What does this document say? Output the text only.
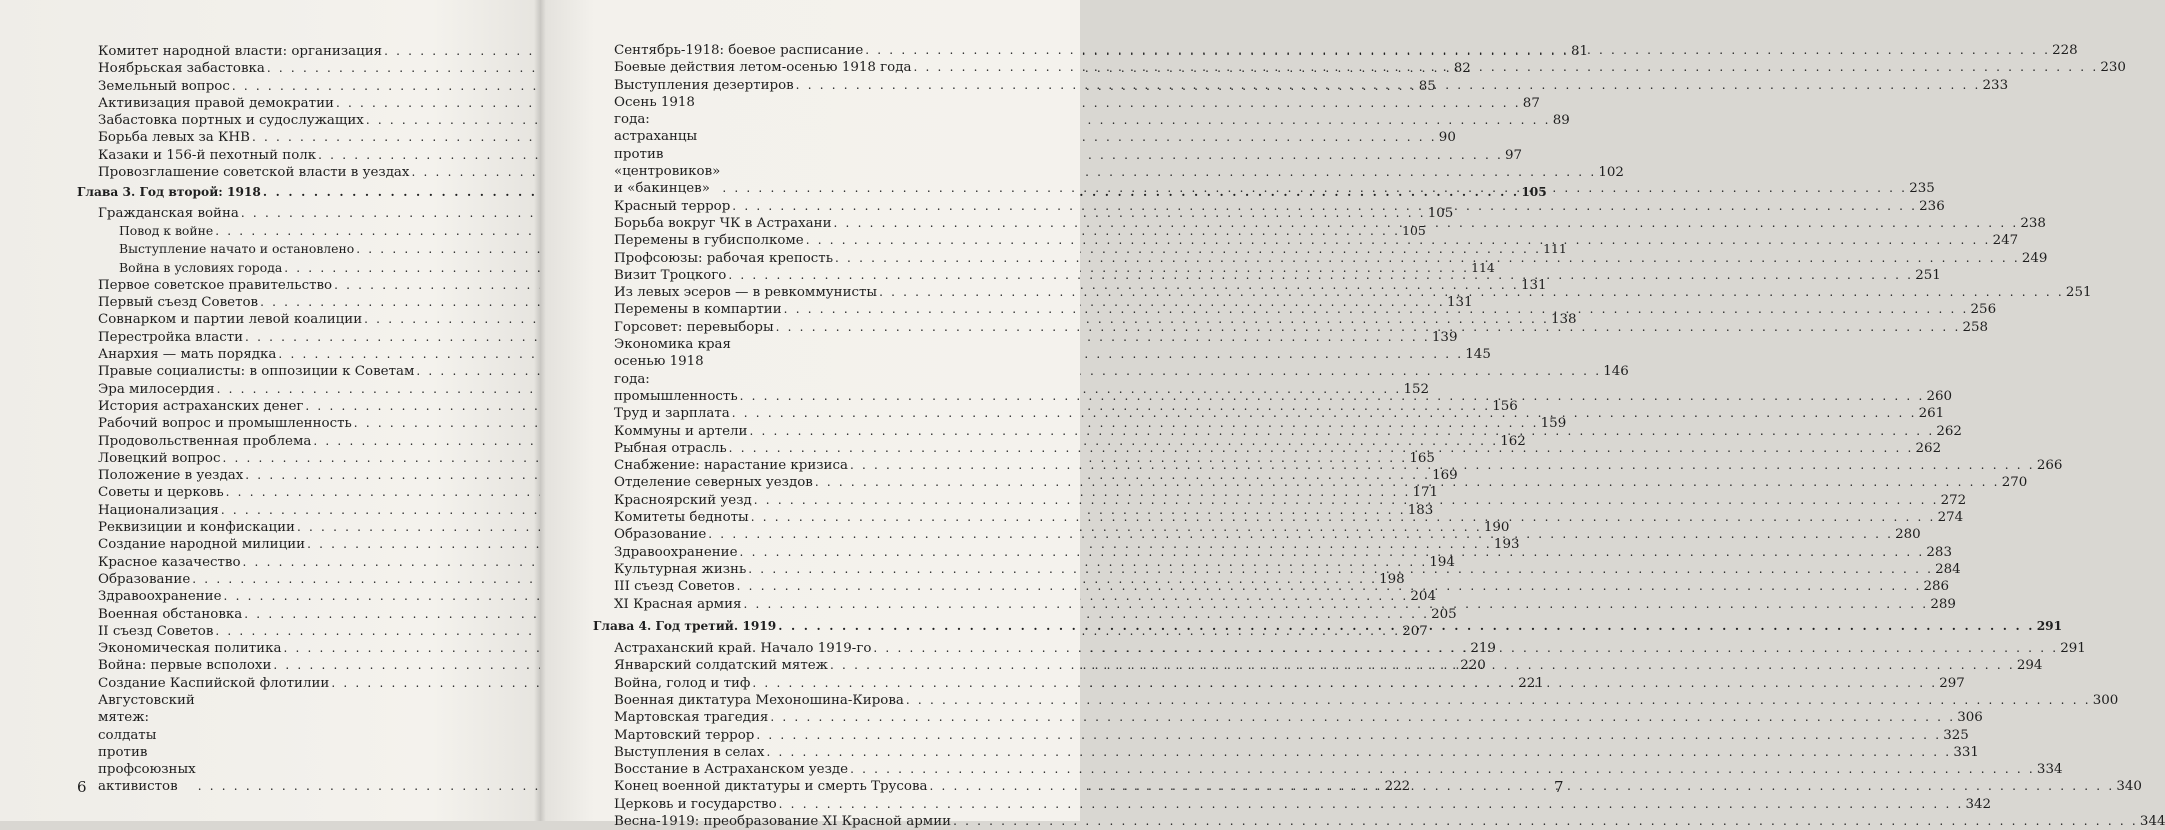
Комитет народной власти: организация . . .	81
Ноябрьская забастовка . . .	82
Земельный вопрос . . .	85
Активизация правой демократии . . .	87
Забастовка портных и судослужащих . . .	89
Борьба левых за КНВ . . .	90
Казаки и 156-й пехотный полк . . .	97
Провозглашение советской власти в уездах . . .	102
Глава 3. Год второй: 1918 . . .	105
Гражданская война . . .	105
Повод к войне . . .	105
Выступление начато и остановлено . . .	111
Война в условиях города . . .	114
Первое советское правительство . . .	131
Первый съезд Советов . . .	131
Совнарком и партии левой коалиции . . .	138
Перестройка власти . . .	139
Анархия — мать порядка . . .	145
Правые социалисты: в оппозиции к Советам . . .	146
Эра милосердия . . .	152
История астраханских денег . . .	156
Рабочий вопрос и промышленность . . .	159
Продовольственная проблема . . .	162
Ловецкий вопрос . . .	165
Положение в уездах . . .	169
Советы и церковь . . .	171
Национализация . . .	183
Реквизиции и конфискации . . .	190
Создание народной милиции . . .	193
Красное казачество . . .	194
Образование . . .	198
Здравоохранение . . .	204
Военная обстановка . . .	205
II съезд Советов . . .	207
Экономическая политика . . .	219
Война: первые всполохи . . .	220
Создание Каспийской флотилии . . .	221
Августовский мятеж: солдаты против
профсоюзных активистов . . .	222
6
Сентябрь-1918: боевое расписание . . .	228
Боевые действия летом-осенью 1918 года . . .	230
Выступления дезертиров . . .	233
Осень 1918 года: астраханцы против
«центровиков» и «бакинцев» . . .	235
Красный террор . . .	236
Борьба вокруг ЧК в Астрахани . . .	238
Перемены в губисполкоме . . .	247
Профсоюзы: рабочая крепость . . .	249
Визит Троцкого . . .	251
Из левых эсеров — в ревкоммунисты . . .	251
Перемены в компартии . . .	256
Горсовет: перевыборы . . .	258
Экономика края осенью 1918 года:
промышленность . . .	260
Труд и зарплата . . .	261
Коммуны и артели . . .	262
Рыбная отрасль . . .	262
Снабжение: нарастание кризиса . . .	266
Отделение северных уездов . . .	270
Красноярский уезд . . .	272
Комитеты бедноты . . .	274
Образование . . .	280
Здравоохранение . . .	283
Культурная жизнь . . .	284
III съезд Советов . . .	286
XI Красная армия . . .	289
Глава 4. Год третий. 1919 . . .	291
Астраханский край. Начало 1919-го . . .	291
Январский солдатский мятеж . . .	294
Война, голод и тиф . . .	297
Военная диктатура Мехоношина-Кирова . . .	300
Мартовская трагедия . . .	306
Мартовский террор . . .	325
Выступления в селах . . .	331
Восстание в Астраханском уезде . . .	334
Конец военной диктатуры и смерть Трусова . . .	340
Церковь и государство . . .	342
Весна-1919: преобразование XI Красной армии . . .	344
7
